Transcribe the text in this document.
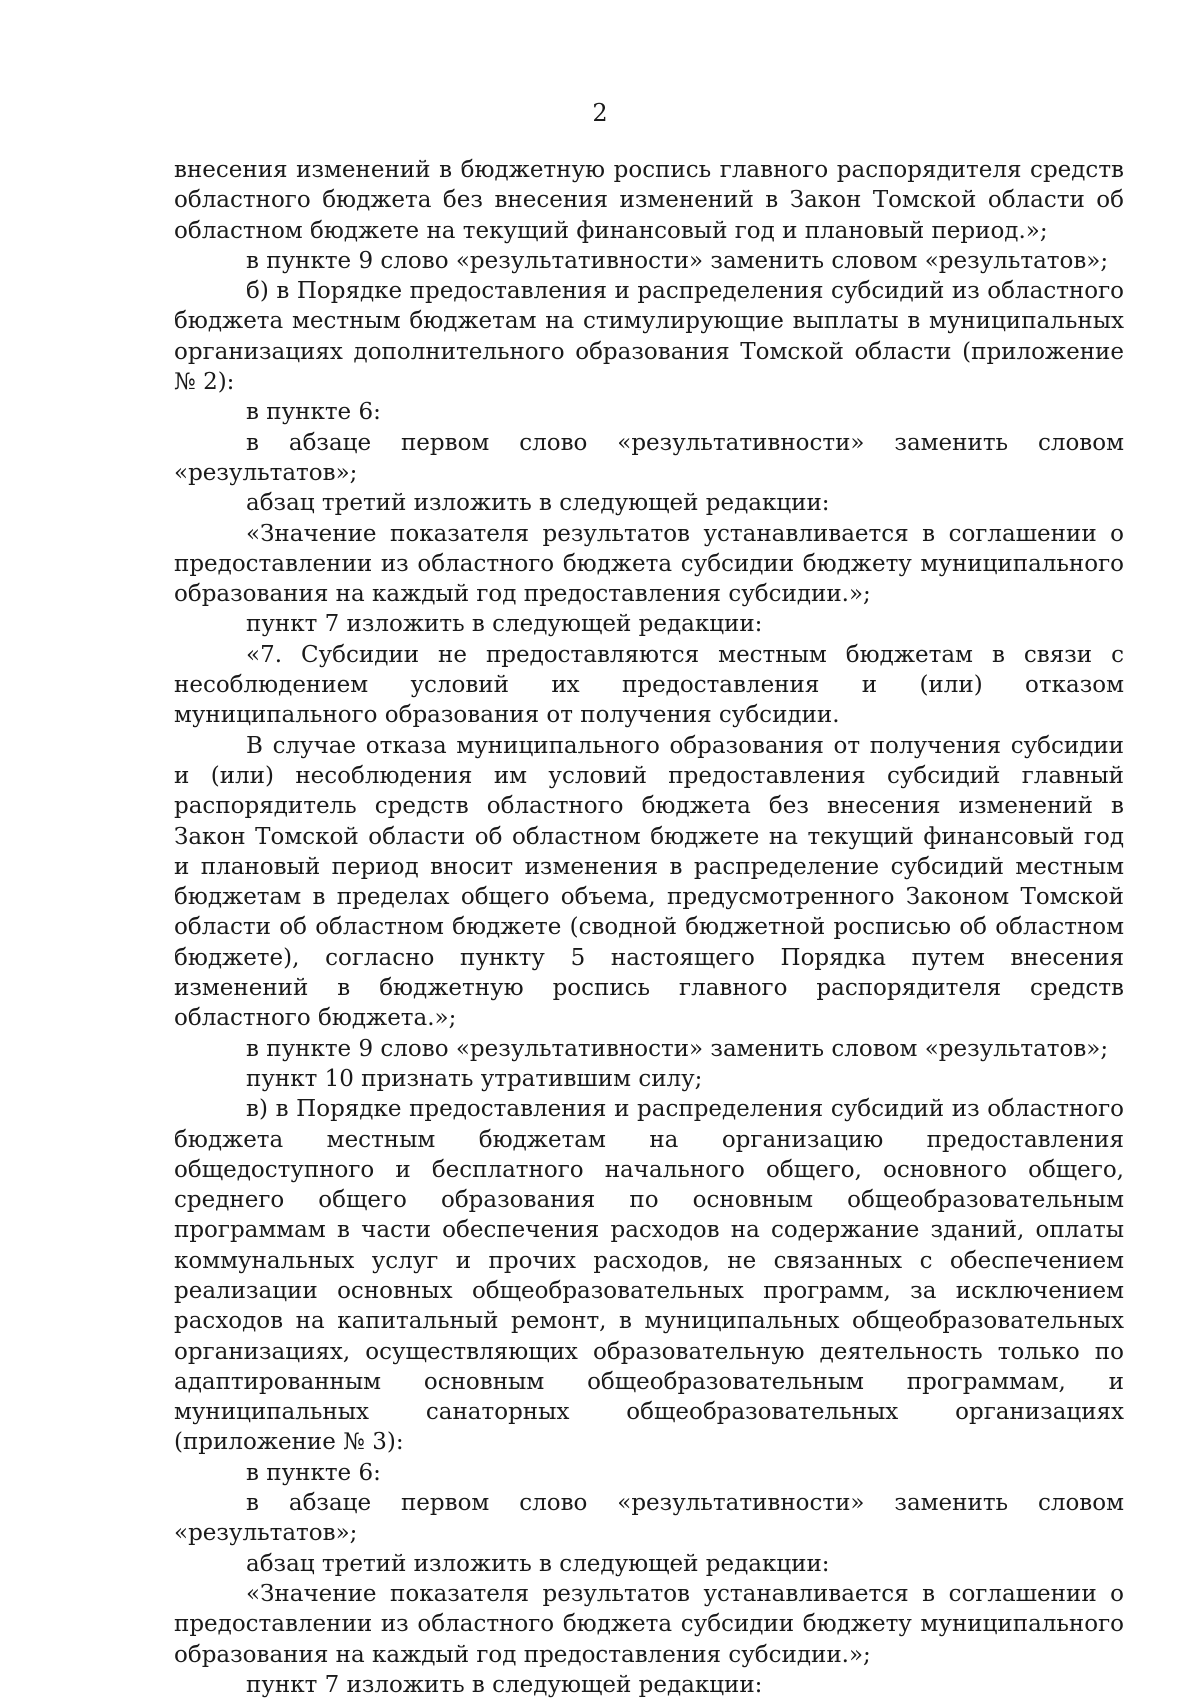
2

внесения изменений в бюджетную роспись главного распорядителя средств областного бюджета без внесения изменений в Закон Томской области об областном бюджете на текущий финансовый год и плановый период.»;

в пункте 9 слово «результативности» заменить словом «результатов»;

б) в Порядке предоставления и распределения субсидий из областного бюджета местным бюджетам на стимулирующие выплаты в муниципальных организациях дополнительного образования Томской области (приложение № 2):

в пункте 6:

в абзаце первом слово «результативности» заменить словом «результатов»;

абзац третий изложить в следующей редакции:

«Значение показателя результатов устанавливается в соглашении о предоставлении из областного бюджета субсидии бюджету муниципального образования на каждый год предоставления субсидии.»;

пункт 7 изложить в следующей редакции:

«7. Субсидии не предоставляются местным бюджетам в связи с несоблюдением условий их предоставления и (или) отказом муниципального образования от получения субсидии.

В случае отказа муниципального образования от получения субсидии и (или) несоблюдения им условий предоставления субсидий главный распорядитель средств областного бюджета без внесения изменений в Закон Томской области об областном бюджете на текущий финансовый год и плановый период вносит изменения в распределение субсидий местным бюджетам в пределах общего объема, предусмотренного Законом Томской области об областном бюджете (сводной бюджетной росписью об областном бюджете), согласно пункту 5 настоящего Порядка путем внесения изменений в бюджетную роспись главного распорядителя средств областного бюджета.»;

в пункте 9 слово «результативности» заменить словом «результатов»;

пункт 10 признать утратившим силу;

в) в Порядке предоставления и распределения субсидий из областного бюджета местным бюджетам на организацию предоставления общедоступного и бесплатного начального общего, основного общего, среднего общего образования по основным общеобразовательным программам в части обеспечения расходов на содержание зданий, оплаты коммунальных услуг и прочих расходов, не связанных с обеспечением реализации основных общеобразовательных программ, за исключением расходов на капитальный ремонт, в муниципальных общеобразовательных организациях, осуществляющих образовательную деятельность только по адаптированным основным общеобразовательным программам, и муниципальных санаторных общеобразовательных организациях (приложение № 3):

в пункте 6:

в абзаце первом слово «результативности» заменить словом «результатов»;

абзац третий изложить в следующей редакции:

«Значение показателя результатов устанавливается в соглашении о предоставлении из областного бюджета субсидии бюджету муниципального образования на каждый год предоставления субсидии.»;

пункт 7 изложить в следующей редакции:
